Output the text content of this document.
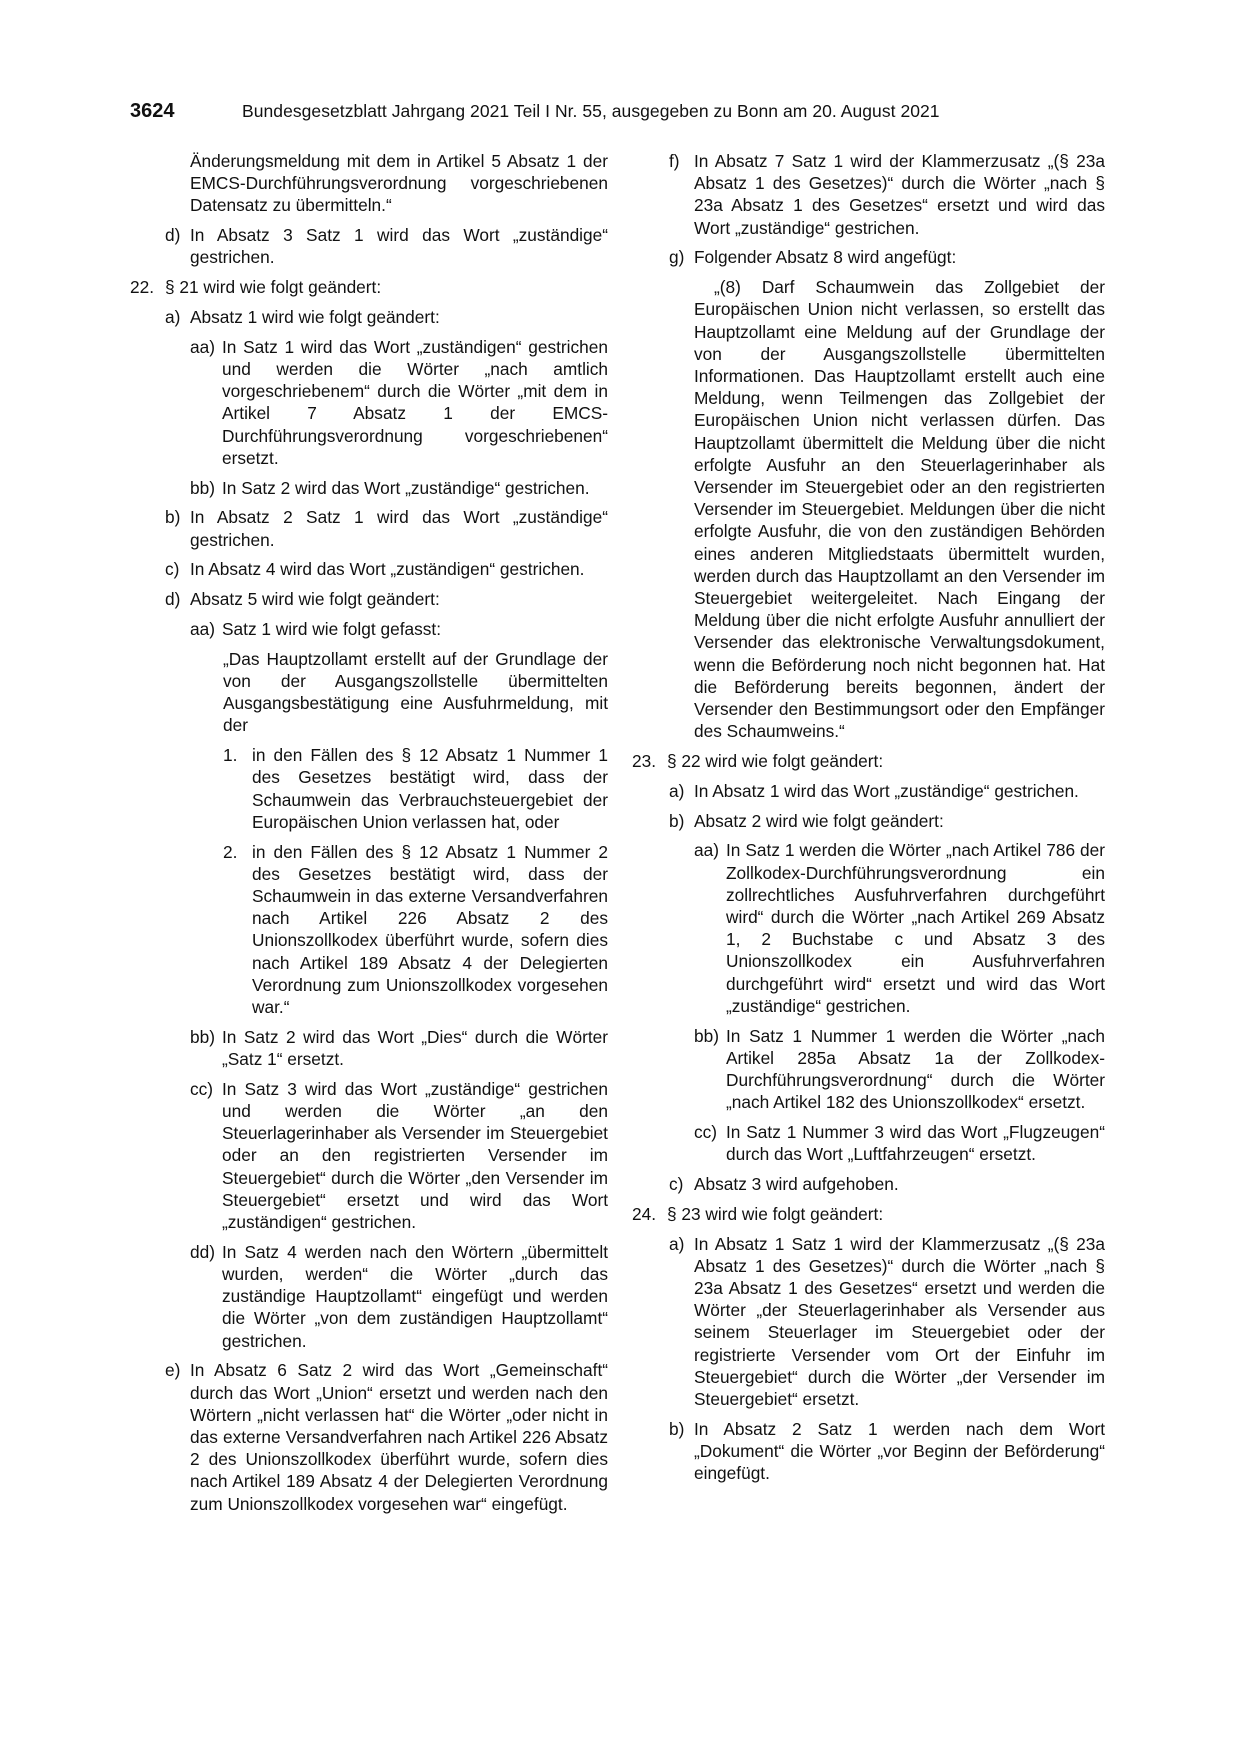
3624	Bundesgesetzblatt Jahrgang 2021 Teil I Nr. 55, ausgegeben zu Bonn am 20. August 2021
Änderungsmeldung mit dem in Artikel 5 Absatz 1 der EMCS-Durchführungsverordnung vorgeschriebenen Datensatz zu übermitteln.“
d) In Absatz 3 Satz 1 wird das Wort „zuständige“ gestrichen.
22. § 21 wird wie folgt geändert:
a) Absatz 1 wird wie folgt geändert:
aa) In Satz 1 wird das Wort „zuständigen“ gestrichen und werden die Wörter „nach amtlich vorgeschriebenem“ durch die Wörter „mit dem in Artikel 7 Absatz 1 der EMCS-Durchführungsverordnung vorgeschriebenen“ ersetzt.
bb) In Satz 2 wird das Wort „zuständige“ gestrichen.
b) In Absatz 2 Satz 1 wird das Wort „zuständige“ gestrichen.
c) In Absatz 4 wird das Wort „zuständigen“ gestrichen.
d) Absatz 5 wird wie folgt geändert:
aa) Satz 1 wird wie folgt gefasst:
„Das Hauptzollamt erstellt auf der Grundlage der von der Ausgangszollstelle übermittelten Ausgangsbestätigung eine Ausfuhrmeldung, mit der
1. in den Fällen des § 12 Absatz 1 Nummer 1 des Gesetzes bestätigt wird, dass der Schaumwein das Verbrauchsteuergebiet der Europäischen Union verlassen hat, oder
2. in den Fällen des § 12 Absatz 1 Nummer 2 des Gesetzes bestätigt wird, dass der Schaumwein in das externe Versandverfahren nach Artikel 226 Absatz 2 des Unionszollkodex überführt wurde, sofern dies nach Artikel 189 Absatz 4 der Delegierten Verordnung zum Unionszollkodex vorgesehen war.“
bb) In Satz 2 wird das Wort „Dies“ durch die Wörter „Satz 1“ ersetzt.
cc) In Satz 3 wird das Wort „zuständige“ gestrichen und werden die Wörter „an den Steuerlagerinhaber als Versender im Steuergebiet oder an den registrierten Versender im Steuergebiet“ durch die Wörter „den Versender im Steuergebiet“ ersetzt und wird das Wort „zuständigen“ gestrichen.
dd) In Satz 4 werden nach den Wörtern „übermittelt wurden, werden“ die Wörter „durch das zuständige Hauptzollamt“ eingefügt und werden die Wörter „von dem zuständigen Hauptzollamt“ gestrichen.
e) In Absatz 6 Satz 2 wird das Wort „Gemeinschaft“ durch das Wort „Union“ ersetzt und werden nach den Wörtern „nicht verlassen hat“ die Wörter „oder nicht in das externe Versandverfahren nach Artikel 226 Absatz 2 des Unionszollkodex überführt wurde, sofern dies nach Artikel 189 Absatz 4 der Delegierten Verordnung zum Unionszollkodex vorgesehen war“ eingefügt.
f) In Absatz 7 Satz 1 wird der Klammerzusatz „(§ 23a Absatz 1 des Gesetzes)“ durch die Wörter „nach § 23a Absatz 1 des Gesetzes“ ersetzt und wird das Wort „zuständige“ gestrichen.
g) Folgender Absatz 8 wird angefügt:
„(8) Darf Schaumwein das Zollgebiet der Europäischen Union nicht verlassen, so erstellt das Hauptzollamt eine Meldung auf der Grundlage der von der Ausgangszollstelle übermittelten Informationen. Das Hauptzollamt erstellt auch eine Meldung, wenn Teilmengen das Zollgebiet der Europäischen Union nicht verlassen dürfen. Das Hauptzollamt übermittelt die Meldung über die nicht erfolgte Ausfuhr an den Steuerlagerinhaber als Versender im Steuergebiet oder an den registrierten Versender im Steuergebiet. Meldungen über die nicht erfolgte Ausfuhr, die von den zuständigen Behörden eines anderen Mitgliedstaats übermittelt wurden, werden durch das Hauptzollamt an den Versender im Steuergebiet weitergeleitet. Nach Eingang der Meldung über die nicht erfolgte Ausfuhr annulliert der Versender das elektronische Verwaltungsdokument, wenn die Beförderung noch nicht begonnen hat. Hat die Beförderung bereits begonnen, ändert der Versender den Bestimmungsort oder den Empfänger des Schaumweins.“
23. § 22 wird wie folgt geändert:
a) In Absatz 1 wird das Wort „zuständige“ gestrichen.
b) Absatz 2 wird wie folgt geändert:
aa) In Satz 1 werden die Wörter „nach Artikel 786 der Zollkodex-Durchführungsverordnung ein zollrechtliches Ausfuhrverfahren durchgeführt wird“ durch die Wörter „nach Artikel 269 Absatz 1, 2 Buchstabe c und Absatz 3 des Unionszollkodex ein Ausfuhrverfahren durchgeführt wird“ ersetzt und wird das Wort „zuständige“ gestrichen.
bb) In Satz 1 Nummer 1 werden die Wörter „nach Artikel 285a Absatz 1a der Zollkodex-Durchführungsverordnung“ durch die Wörter „nach Artikel 182 des Unionszollkodex“ ersetzt.
cc) In Satz 1 Nummer 3 wird das Wort „Flugzeugen“ durch das Wort „Luftfahrzeugen“ ersetzt.
c) Absatz 3 wird aufgehoben.
24. § 23 wird wie folgt geändert:
a) In Absatz 1 Satz 1 wird der Klammerzusatz „(§ 23a Absatz 1 des Gesetzes)“ durch die Wörter „nach § 23a Absatz 1 des Gesetzes“ ersetzt und werden die Wörter „der Steuerlagerinhaber als Versender aus seinem Steuerlager im Steuergebiet oder der registrierte Versender vom Ort der Einfuhr im Steuergebiet“ durch die Wörter „der Versender im Steuergebiet“ ersetzt.
b) In Absatz 2 Satz 1 werden nach dem Wort „Dokument“ die Wörter „vor Beginn der Beförderung“ eingefügt.
